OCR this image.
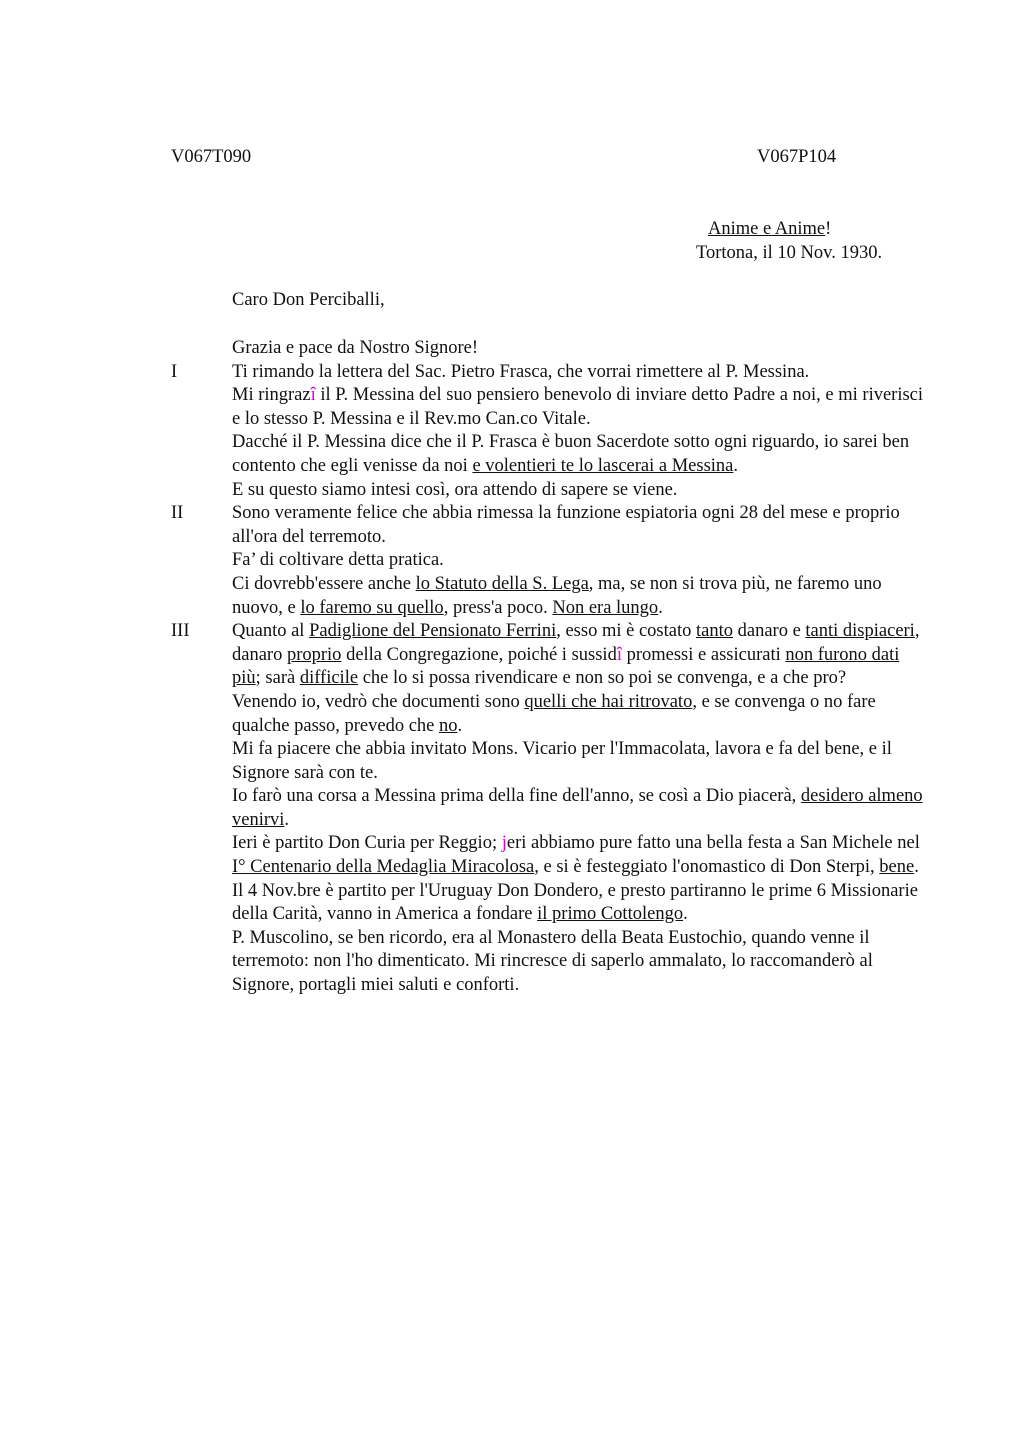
V067T090	V067P104
Anime e Anime!
Tortona, il 10 Nov. 1930.
Caro Don Perciballi,

Grazia e pace da Nostro Signore!

I	Ti rimando la lettera del Sac. Pietro Frasca, che vorrai rimettere al P. Messina.

Mi ringrazî il P. Messina del suo pensiero benevolo di inviare detto Padre a noi, e mi riverisci e lo stesso P. Messina e il Rev.mo Can.co Vitale.

Dacché il P. Messina dice che il P. Frasca è buon Sacerdote sotto ogni riguardo, io sarei ben contento che egli venisse da noi e volentieri te lo lascerai a Messina.

E su questo siamo intesi così, ora attendo di sapere se viene.

II	Sono veramente felice che abbia rimessa la funzione espiatoria ogni 28 del mese e proprio all'ora del terremoto.

Fa’ di coltivare detta pratica.

Ci dovrebb'essere anche lo Statuto della S. Lega, ma, se non si trova più, ne faremo uno nuovo, e lo faremo su quello, press'a poco. Non era lungo.

III Quanto al Padiglione del Pensionato Ferrini, esso mi è costato tanto danaro e tanti dispiaceri, danaro proprio della Congregazione, poiché i sussidî promessi e assicurati non furono dati più; sarà difficile che lo si possa rivendicare e non so poi se convenga, e a che pro?

Venendo io, vedrò che documenti sono quelli che hai ritrovato, e se convenga o no fare qualche passo, prevedo che no.

Mi fa piacere che abbia invitato Mons. Vicario per l'Immacolata, lavora e fa del bene, e il Signore sarà con te.

Io farò una corsa a Messina prima della fine dell'anno, se così a Dio piacerà, desidero almeno venirvi.

Ieri è partito Don Curia per Reggio; jeri abbiamo pure fatto una bella festa a San Michele nel I° Centenario della Medaglia Miracolosa, e si è festeggiato l'onomastico di Don Sterpi, bene.

Il 4 Nov.bre è partito per l'Uruguay Don Dondero, e presto partiranno le prime 6 Missionarie della Carità, vanno in America a fondare il primo Cottolengo.

P. Muscolino, se ben ricordo, era al Monastero della Beata Eustochio, quando venne il terremoto: non l'ho dimenticato. Mi rincresce di saperlo ammalato, lo raccomanderò al Signore, portagli miei saluti e conforti.
